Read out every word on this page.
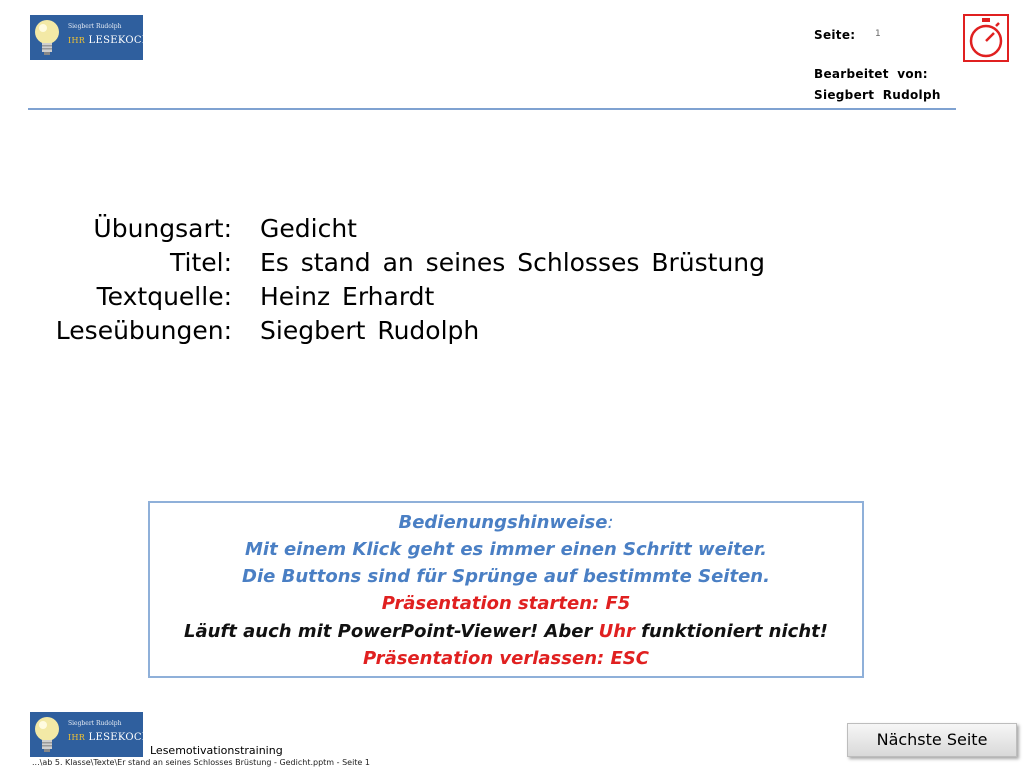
Siegbert Rudolph
IHR LESEKOCH	Seite: 1
Bearbeitet von:
Siegbert Rudolph
Übungsart: Gedicht
Titel: Es stand an seines Schlosses Brüstung
Textquelle: Heinz Erhardt
Leseübungen: Siegbert Rudolph
Bedienungshinweise:
Mit einem Klick geht es immer einen Schritt weiter.
Die Buttons sind für Sprünge auf bestimmte Seiten.
Präsentation starten: F5
Läuft auch mit PowerPoint-Viewer! Aber Uhr funktioniert nicht!
Präsentation verlassen: ESC
Siegbert Rudolph
IHR LESEKOCH
Lesemotivationstraining
...\ab 5. Klasse\Texte\Er stand an seines Schlosses Brüstung - Gedicht.pptm - Seite 1
Nächste Seite
